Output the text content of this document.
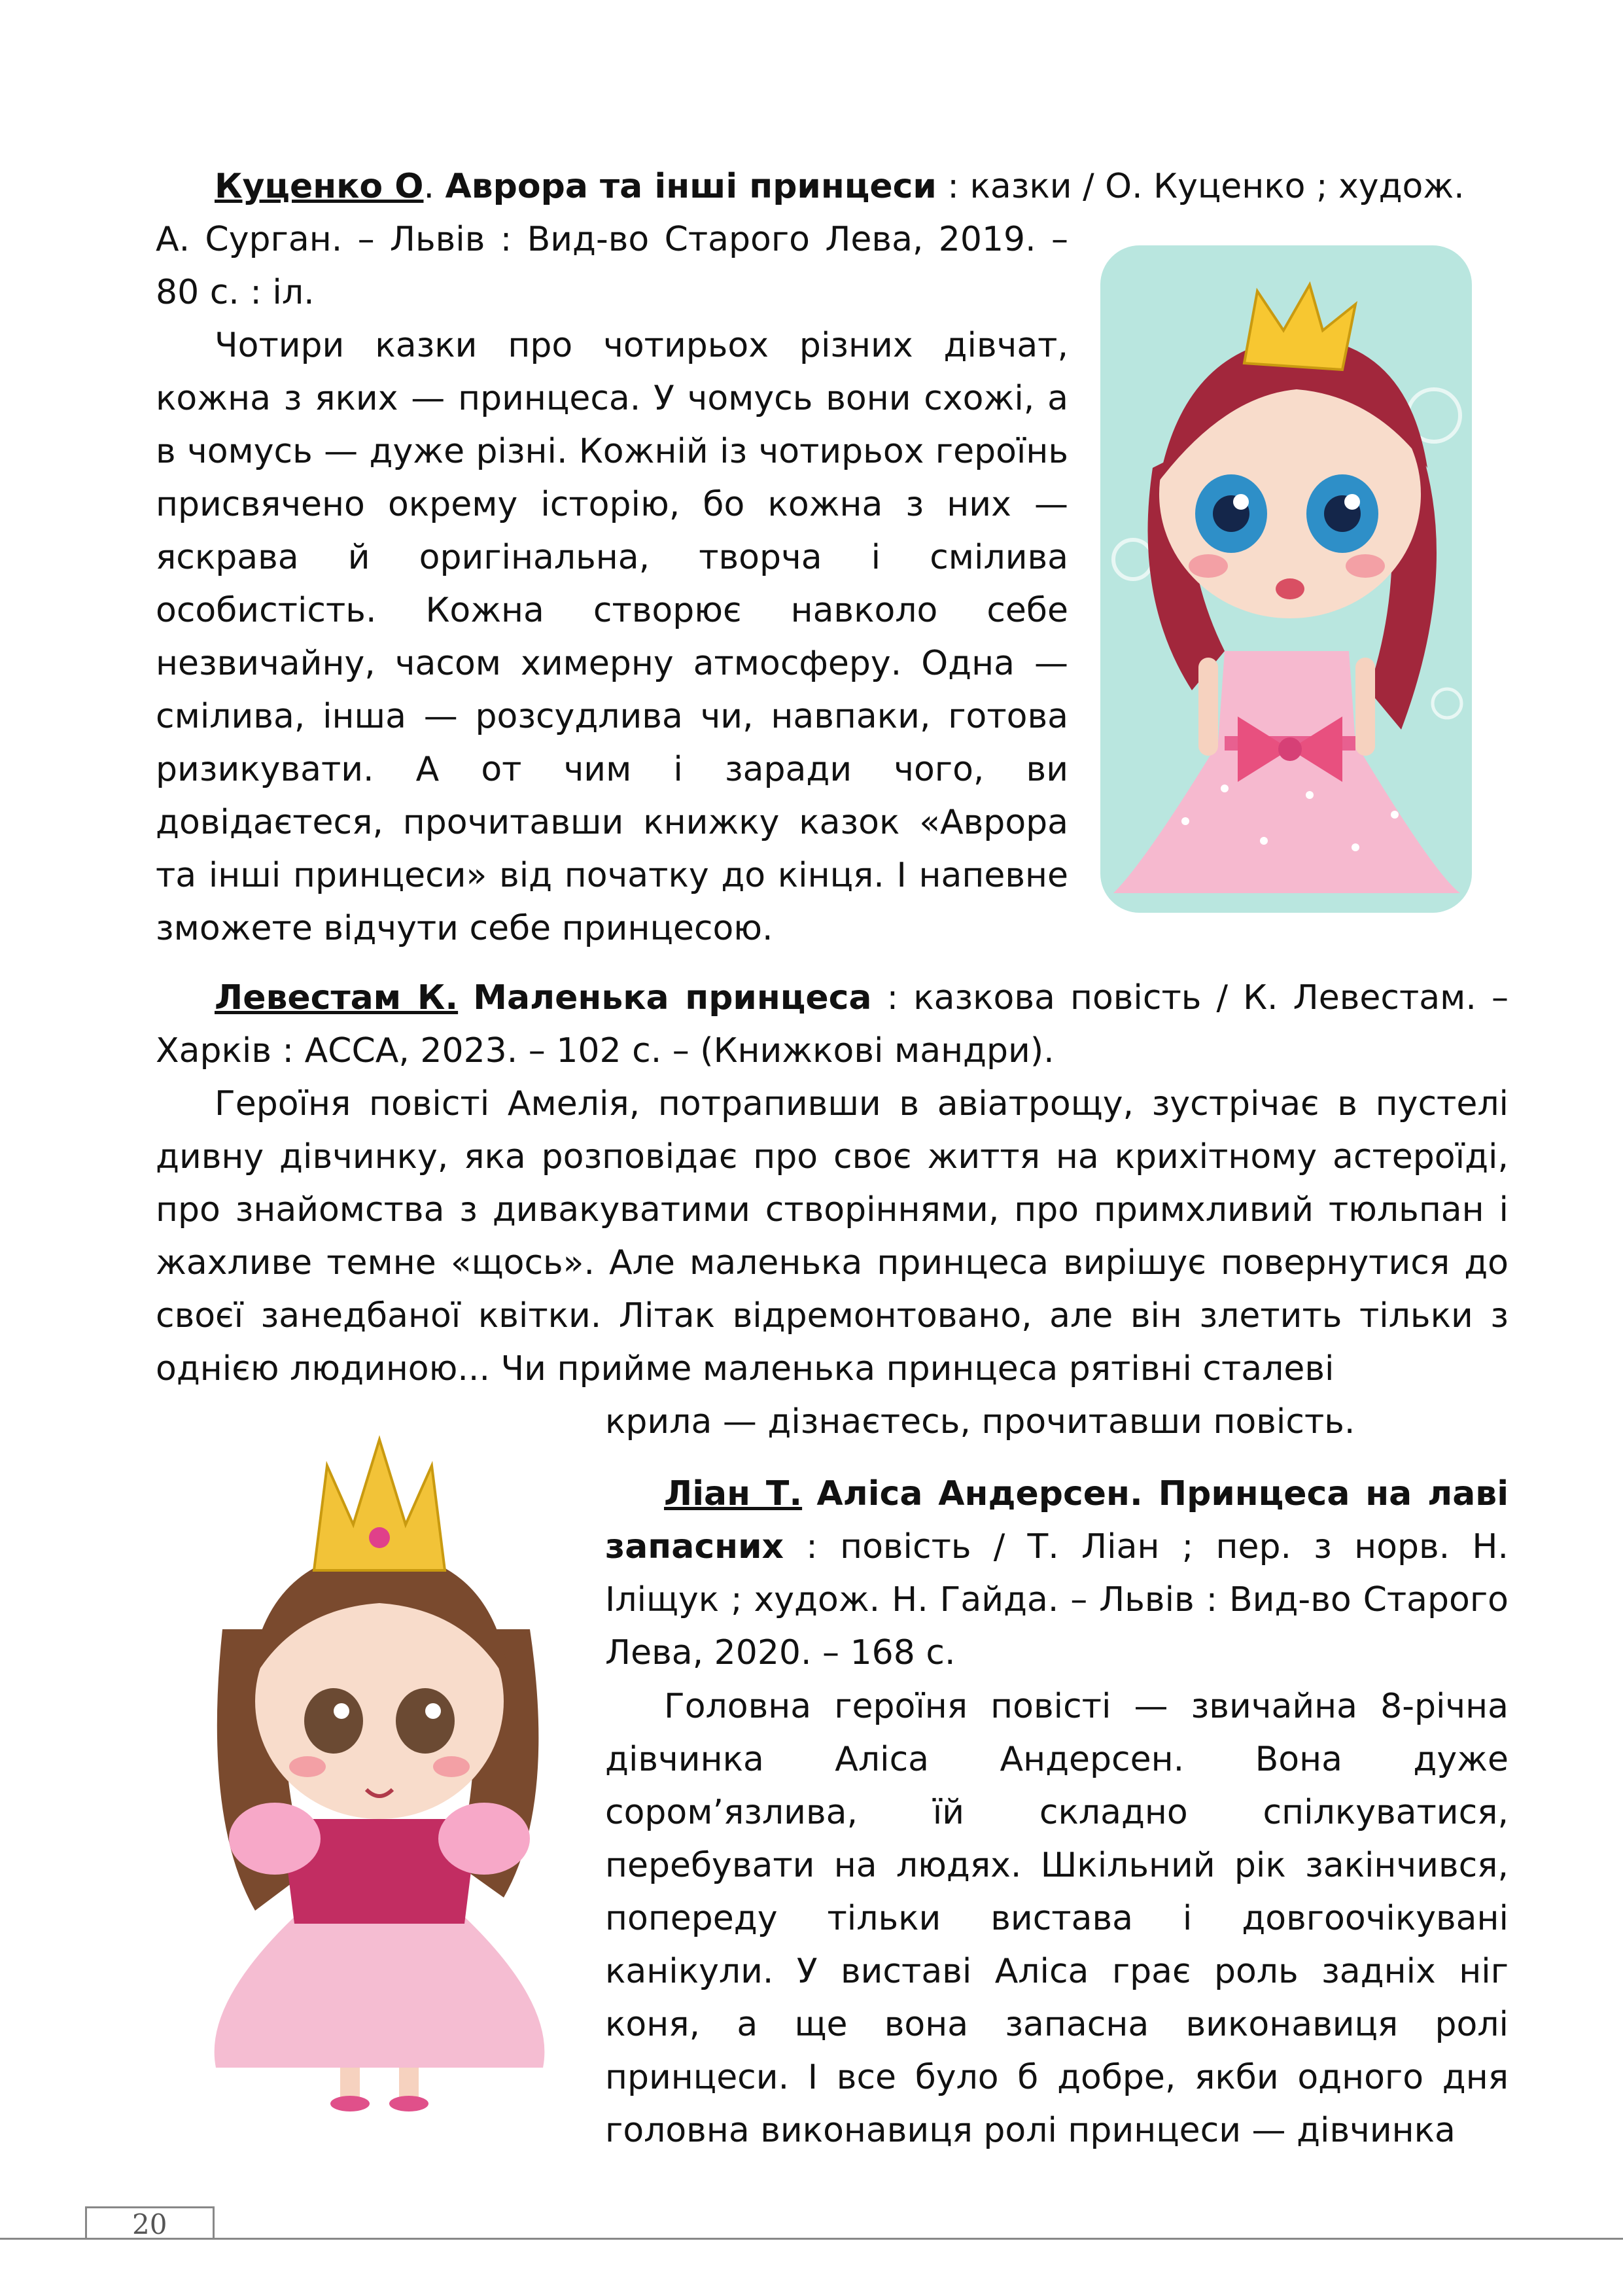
Куценко О. Аврора та інші принцеси : казки / О. Куценко ; худож.

А. Сурган. – Львів : Вид-во Старого Лева, 2019. – 80 с. : іл.

Чотири казки про чотирьох різних дівчат, кожна з яких — принцеса. У чомусь вони схожі, а в чомусь — дуже різні. Кожній із чотирьох героїнь присвячено окрему історію, бо кожна з них — яскрава й оригінальна, творча і смілива особистість. Кожна створює навколо себе незвичайну, часом химерну атмосферу. Одна — смілива, інша — розсудлива чи, навпаки, готова ризикувати. А от чим і заради чого, ви довідаєтеся, прочитавши книжку казок «Аврора та інші принцеси» від початку до кінця. І напевне зможете відчути себе принцесою.

Левестам К. Маленька принцеса : казкова повість / К. Левестам. – Харків : АССА, 2023. – 102 с. – (Книжкові мандри).

Героїня повісті Амелія, потрапивши в авіатрощу, зустрічає в пустелі дивну дівчинку, яка розповідає про своє життя на крихітному астероїді, про знайомства з дивакуватими створіннями, про примхливий тюльпан і жахливе темне «щось». Але маленька принцеса вирішує повернутися до своєї занедбаної квітки. Літак відремонтовано, але він злетить тільки з однією людиною... Чи прийме маленька принцеса рятівні сталеві

крила — дізнаєтесь, прочитавши повість.

Ліан Т. Аліса Андерсен. Принцеса на лаві запасних : повість / Т. Ліан ; пер. з норв. Н. Іліщук ; худож. Н. Гайда. – Львів : Вид-во Старого Лева, 2020. – 168 с.

Головна героїня повісті — звичайна 8-річна дівчинка Аліса Андерсен. Вона дуже сором’язлива, їй складно спілкуватися, перебувати на людях. Шкільний рік закінчився, попереду тільки вистава і довгоочікувані канікули. У виставі Аліса грає роль задніх ніг коня, а ще вона запасна виконавиця ролі принцеси. І все було б добре, якби одного дня головна виконавиця ролі принцеси — дівчинка

20
